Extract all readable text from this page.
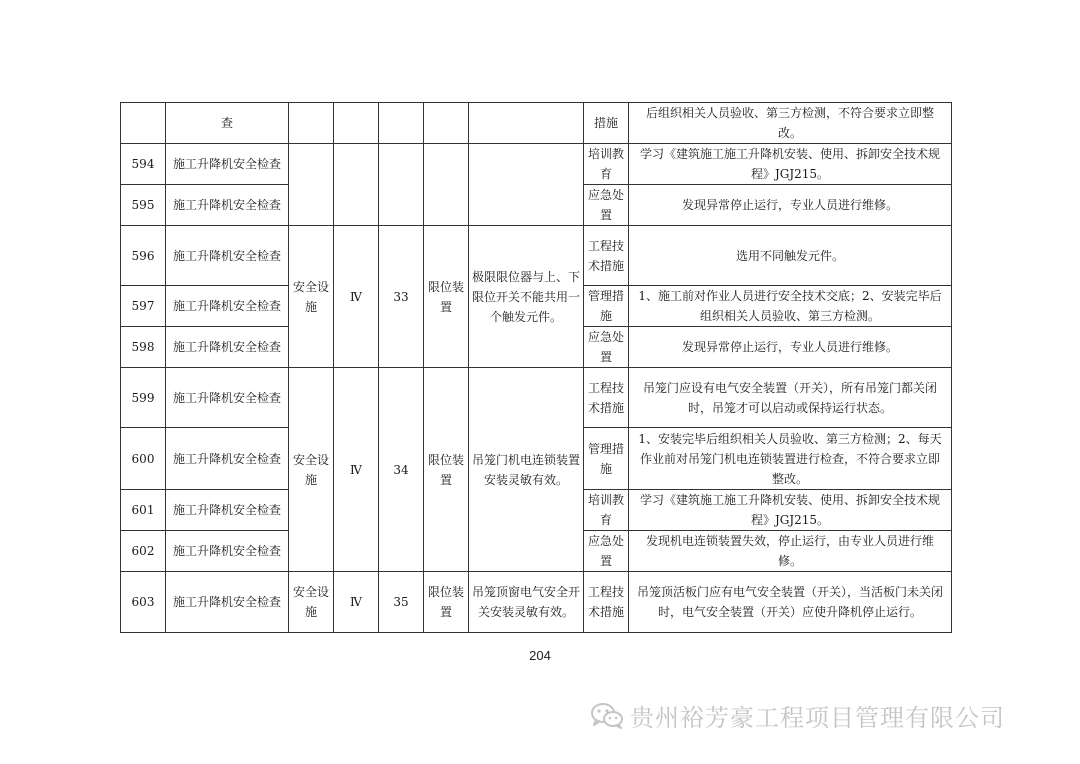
	查						措施	后组织相关人员验收、第三方检测，不符合要求立即整改。
594	施工升降机安全检查						培训教育	学习《建筑施工施工升降机安装、使用、拆卸安全技术规程》JGJ215。
595	施工升降机安全检查						应急处置	发现异常停止运行，专业人员进行维修。
596	施工升降机安全检查	安全设施	Ⅳ	33	限位装置	极限限位器与上、下限位开关不能共用一个触发元件。	工程技术措施	选用不同触发元件。
597	施工升降机安全检查						管理措施	1、施工前对作业人员进行安全技术交底；2、安装完毕后组织相关人员验收、第三方检测。
598	施工升降机安全检查						应急处置	发现异常停止运行，专业人员进行维修。
599	施工升降机安全检查	安全设施	Ⅳ	34	限位装置	吊笼门机电连锁装置安装灵敏有效。	工程技术措施	吊笼门应设有电气安全装置（开关），所有吊笼门都关闭时，吊笼才可以启动或保持运行状态。
600	施工升降机安全检查						管理措施	1、安装完毕后组织相关人员验收、第三方检测；2、每天作业前对吊笼门机电连锁装置进行检查，不符合要求立即整改。
601	施工升降机安全检查						培训教育	学习《建筑施工施工升降机安装、使用、拆卸安全技术规程》JGJ215。
602	施工升降机安全检查						应急处置	发现机电连锁装置失效，停止运行，由专业人员进行维修。
603	施工升降机安全检查	安全设施	Ⅳ	35	限位装置	吊笼顶窗电气安全开关安装灵敏有效。	工程技术措施	吊笼顶活板门应有电气安全装置（开关），当活板门未关闭时，电气安全装置（开关）应使升降机停止运行。
204
贵州裕芳豪工程项目管理有限公司
